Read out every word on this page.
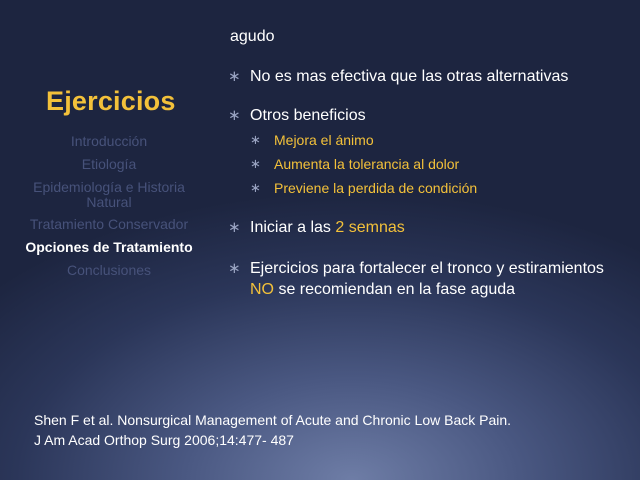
Ejercicios
Introducción
Etiología
Epidemiología e Historia Natural
Tratamiento Conservador
Opciones de Tratamiento
Conclusiones
agudo
∗ No es mas efectiva que las otras alternativas
∗ Otros beneficios
∗ Mejora el ánimo
∗ Aumenta la tolerancia al dolor
∗ Previene la perdida de condición
∗ Iniciar a las 2 semnas
∗ Ejercicios para fortalecer el tronco y estiramientos NO se recomiendan en la fase aguda
Shen F et al. Nonsurgical Management of Acute and Chronic Low Back Pain.
J Am Acad Orthop Surg 2006;14:477- 487
